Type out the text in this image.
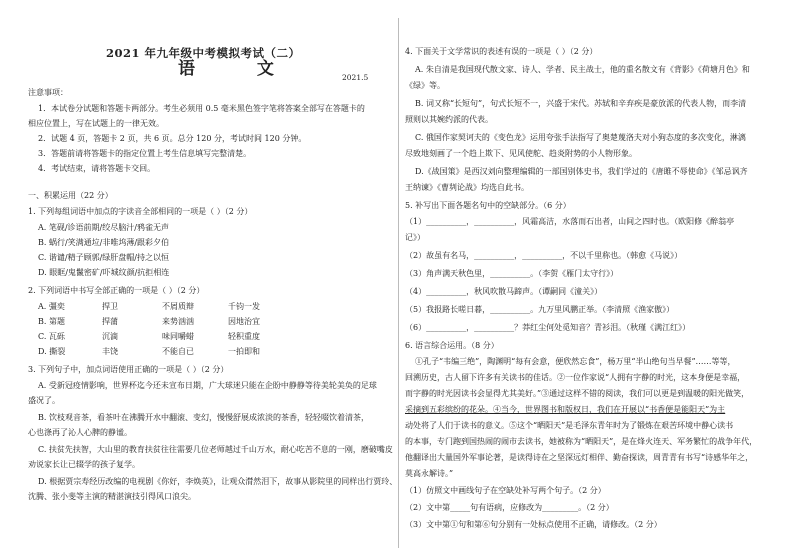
2021 年九年级中考模拟考试（二）
语 文	2021.5
注意事项：
1．本试卷分试题和答题卡两部分。考生必须用 0.5 毫米黑色签字笔将答案全部写在答题卡的
相应位置上，写在试题上的一律无效。
2．试题 4 页，答题卡 2 页，共 6 页。总分 120 分，考试时间 120 分钟。
3．答题前请将答题卡的指定位置上考生信息填写完整清楚。
4．考试结束，请将答题卡交回。
一、积累运用（22 分）
1. 下列每组词语中加点的字读音全部相同的一项是（ ）（2 分）
A. 笔砚/诊语前期/绞尽脑汁/鸦雀无声
B. 蜗行/笑满通垃/非唯坞薄/跟彩夕伯
C. 谐谴/精子顾郭/绿肝盘帽/持之以恒
D. 眼眶/鬼鬣密矿/吓城纹颜/抗拒相连
2. 下列词语中书写全部正确的一项是（ ）（2 分）
A. 彊奕	捍卫	不屑质辩	千钧一发
B. 第题	捍蒲	来势汹汹	因地治宜
C. 瓦砾	沉滴	味同嚼蜡	轻积重度
D. 撕裂	丰饶	不能自已	一拍即和
3. 下列句子中，加点词语使用正确的一项是（ ）（2 分）
A. 受新冠疫情影响，世界杯迄今还未宣布日期，广大球迷只能在企盼中静静等待美轮美奂的足球
盛况了。
B. 饮枝观音茶，看茶叶在沸腾开水中翻滚、变幻，慢慢舒展成浓淡的茶香，轻轻啜饮着清茶，
心也涤再了沁人心脾的静谧。
C. 扶贫先扶智，大山里的教育扶贫往往需要几位老师越过千山万水，耐心吃苦不息的一刚，磨破嘴皮
劝说家长让已辍学的孩子复学。
D. 根据贾宗寿经历改编的电视剧《你好，李焕英》，让观众潸然泪下，故事从影院里的同样出行贾玲、
沈腾、张小斐等主演的精湛演技引得风口浪尖。
4. 下面关于文学常识的表述有误的一项是（ ）（2 分）
A. 朱自清是我国现代散文家、诗人、学者、民主战士，他的重名散文有《背影》《荷塘月色》和
《绿》等。
B. 词又称“长短句”，句式长短不一，兴盛于宋代。苏轼和辛弃疾是豪放派的代表人物，而李清
照则以其婉约派的代表。
C. 俄国作家契诃夫的《变色龙》运用夸张手法指写了奥楚蔑洛夫对小狗态度的多次变化，淋漓
尽致地刻画了一个趋上欺下、见风使舵、趋炎附势的小人物形象。
D.《战国策》是西汉刘向整理编辑的一部国别体史书，我们学过的《唐雎不辱使命》《邹忌讽齐
王纳谏》《曹刿论战》均选自此书。
5. 补写出下面各题名句中的空缺部分。（6 分）
（1）__________，__________，风霜高洁，水落而石出者，山间之四时也。（欧阳修《醉翁亭
记》）
（2）故虽有名马，__________，__________，不以千里称也。（韩愈《马说》）
（3）角声满天秋色里，__________。（李贺《雁门太守行》）
（4）__________，秋风吹散马蹄声。（谭嗣同《潼关》）
（5）我报路长嗟日暮，__________。九万里风鹏正举。（李清照《渔家傲》）
（6）__________，__________？莽红尘何处觅知音？青衫泪。（秋瑾《满江红》）
6. 语言综合运用。（8 分）
①孔子“韦编三绝”，陶渊明“每有会意，便欣然忘食”，杨万里“半山绝句当早餐”……等等，
回溯历史，古人留下许多有关读书的佳话。②一位作家说“人拥有字静的时光，这本身便是幸福，
而字静的时光因读书会显得尤其美好。”③通过这样不错的阅读，我们可以更是到温暖的阳光做笑，
采摘到五彩缤纷的花朵。④当今，世界图书和版权日，我们在开展以“书香便是能阳天”为主
动处将了人们于读书的意义。⑤这个“晒阳天”是毛泽东青年时为了锻炼在艰苦环境中静心读书
的本事，专门跑到国热闹的闹市去读书，她被称为“晒阳天”，是在烽火连天、军务繁忙的战争年代，
他翻译出大量国外军事论著，是读得诗在之坚深远灯相伴、勤奋探读，周青青有书写“诗感华年之，
莫高永解诗。”
（1）仿照文中画线句子在空缺处补写两个句子。（2 分）
（2）文中第_____句有语病，应修改为_________。（2 分）
（3）文中第①句和第⑥句分别有一处标点使用不正确，请修改。（2 分）
